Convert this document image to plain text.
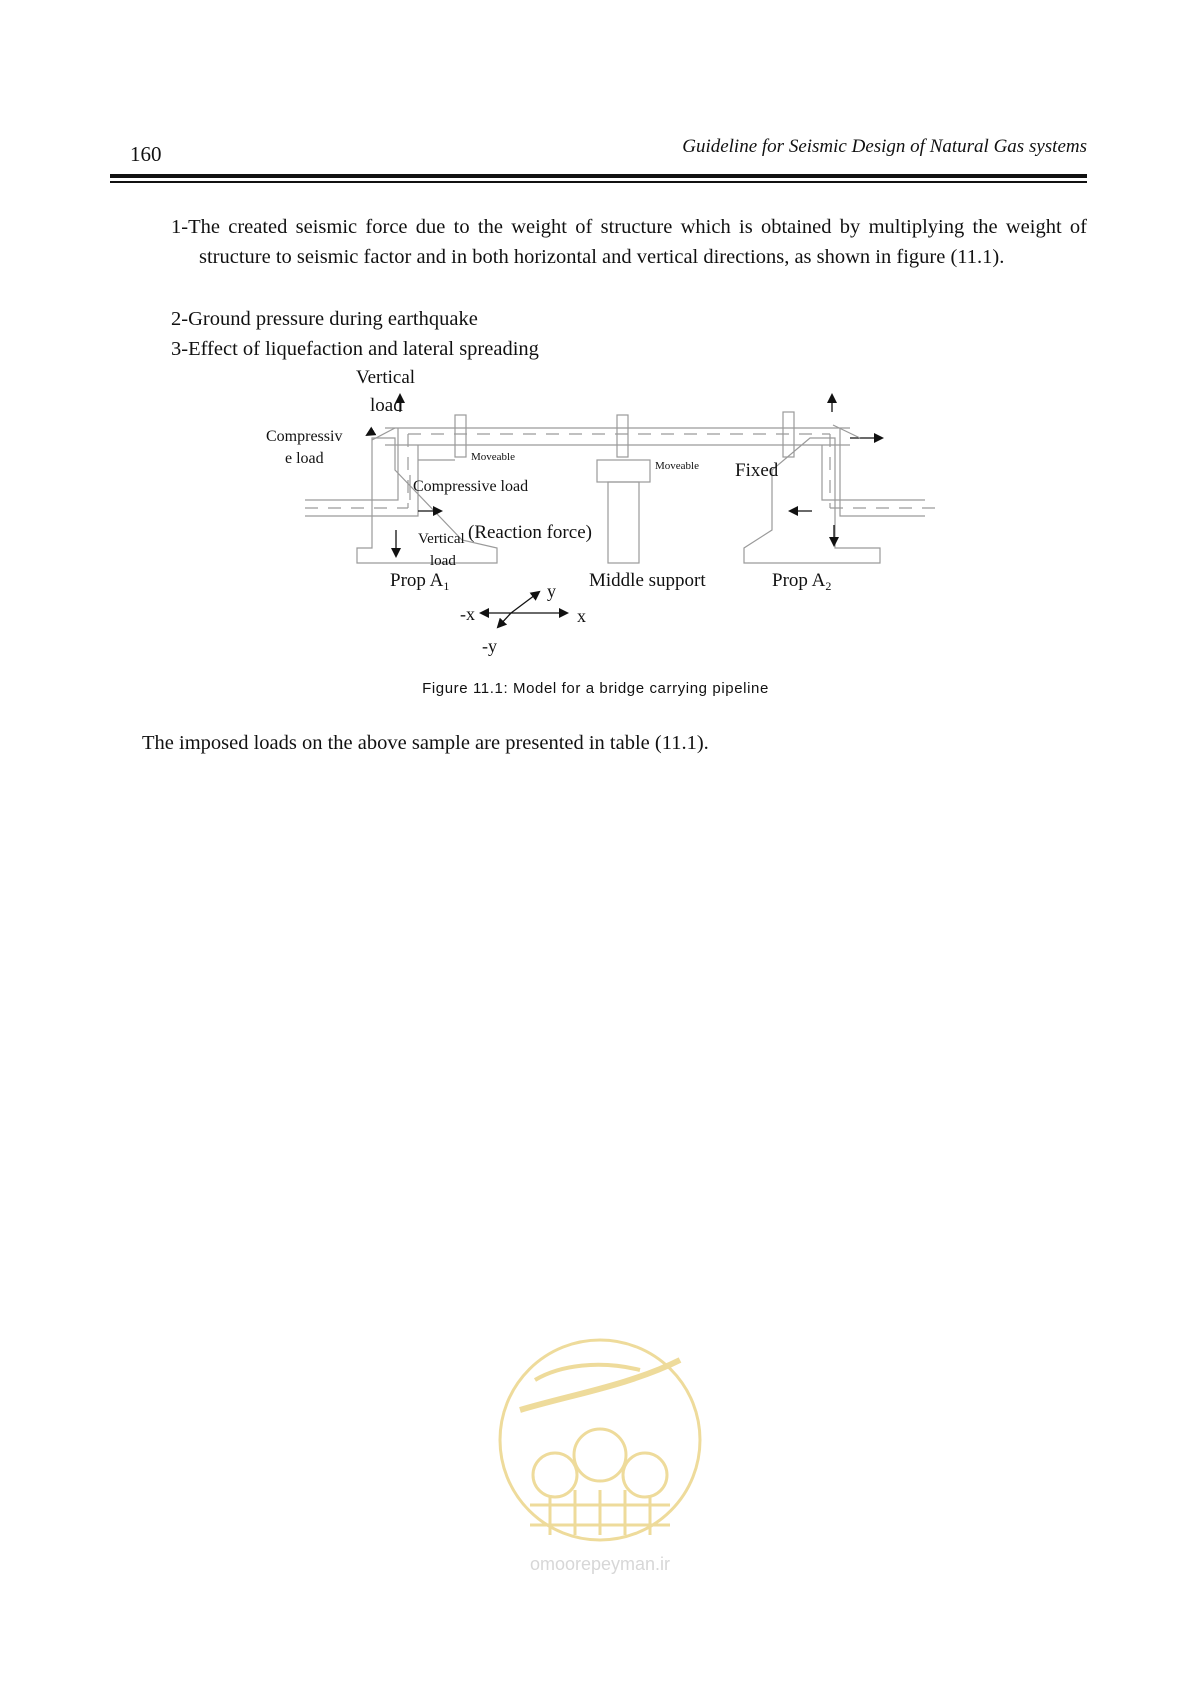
160	Guideline for Seismic Design of Natural Gas systems
1-The created seismic force due to the weight of structure which is obtained by multiplying the weight of structure to seismic factor and in both horizontal and vertical directions, as shown in figure (11.1).
2-Ground pressure during earthquake
3-Effect of liquefaction and lateral spreading
Vertical
load
Compressiv
e load	Moveable
Moveable Fixed
Compressive load
Vertical
load
(Reaction force)
Prop $A_1$	Middle support	Prop $A_2$
y
-x	x
-y
Figure 11.1: Model for a bridge carrying pipeline
The imposed loads on the above sample are presented in table (11.1).
omoorepeyman.ir
